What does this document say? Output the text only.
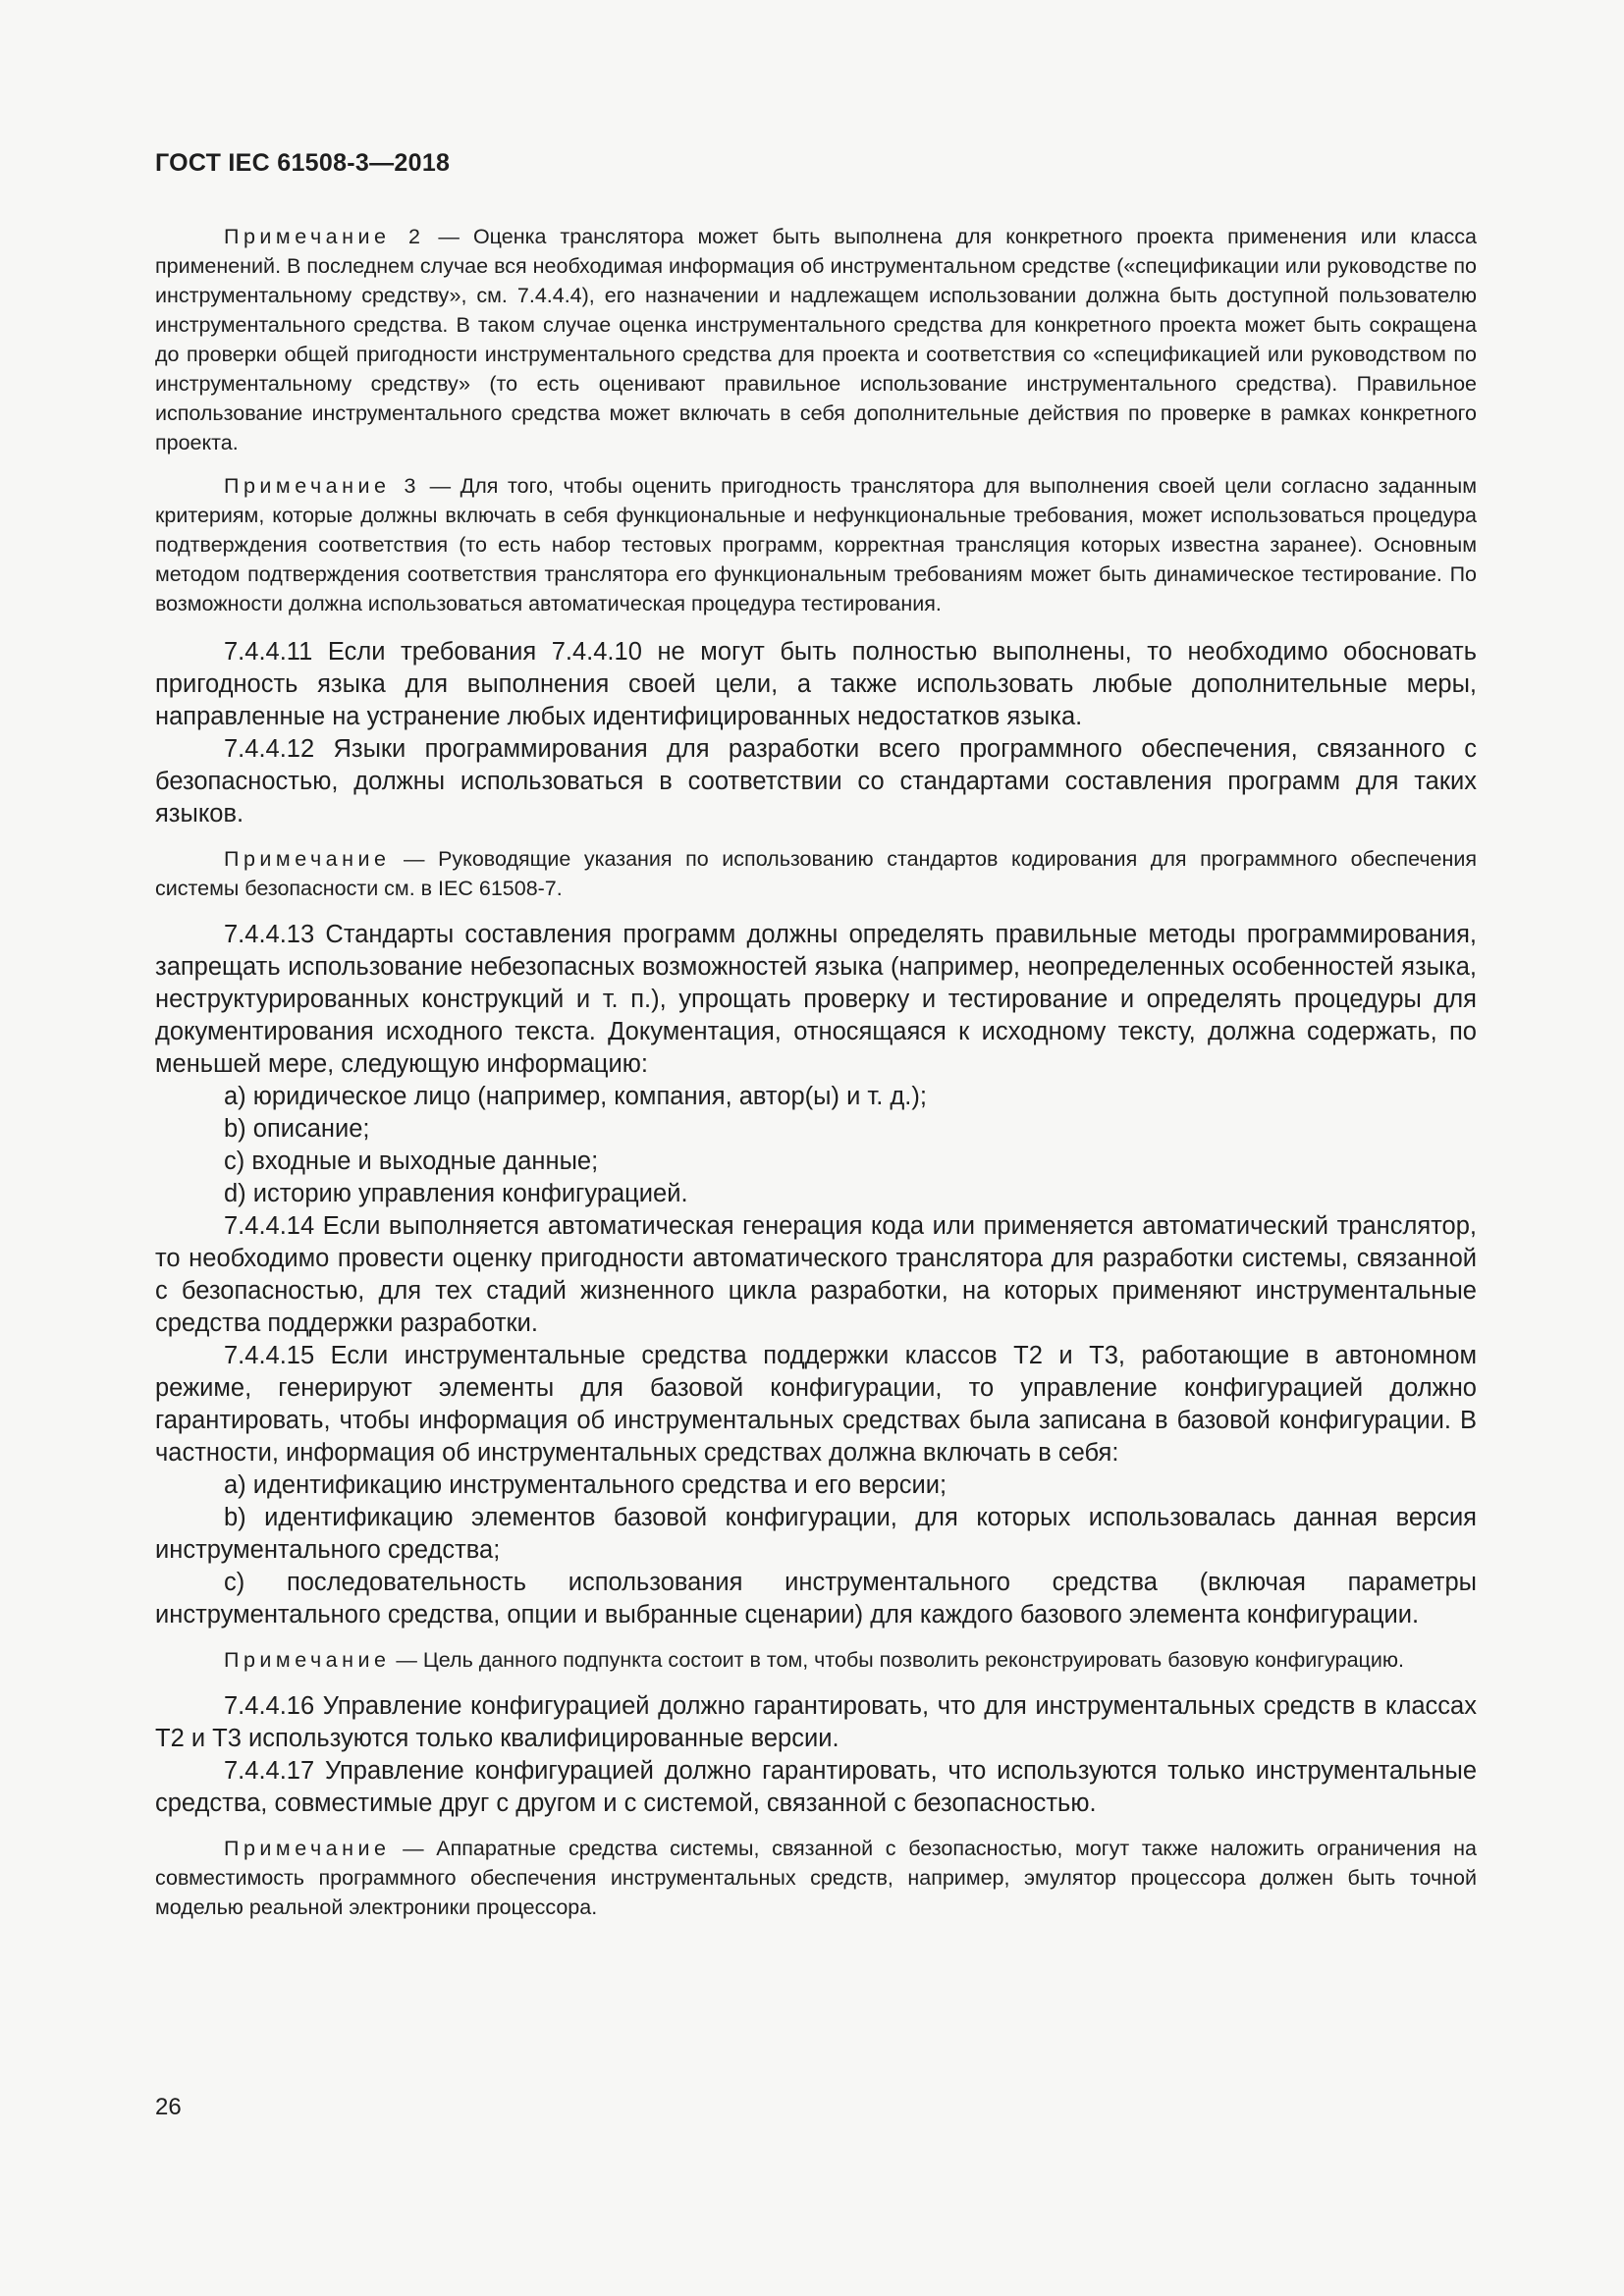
ГОСТ IEC 61508-3—2018

Примечание 2 — Оценка транслятора может быть выполнена для конкретного проекта применения или класса применений. В последнем случае вся необходимая информация об инструментальном средстве («спецификации или руководстве по инструментальному средству», см. 7.4.4.4), его назначении и надлежащем использовании должна быть доступной пользователю инструментального средства. В таком случае оценка инструментального средства для конкретного проекта может быть сокращена до проверки общей пригодности инструментального средства для проекта и соответствия со «спецификацией или руководством по инструментальному средству» (то есть оценивают правильное использование инструментального средства). Правильное использование инструментального средства может включать в себя дополнительные действия по проверке в рамках конкретного проекта.

Примечание 3 — Для того, чтобы оценить пригодность транслятора для выполнения своей цели согласно заданным критериям, которые должны включать в себя функциональные и нефункциональные требования, может использоваться процедура подтверждения соответствия (то есть набор тестовых программ, корректная трансляция которых известна заранее). Основным методом подтверждения соответствия транслятора его функциональным требованиям может быть динамическое тестирование. По возможности должна использоваться автоматическая процедура тестирования.

7.4.4.11 Если требования 7.4.4.10 не могут быть полностью выполнены, то необходимо обосновать пригодность языка для выполнения своей цели, а также использовать любые дополнительные меры, направленные на устранение любых идентифицированных недостатков языка.

7.4.4.12 Языки программирования для разработки всего программного обеспечения, связанного с безопасностью, должны использоваться в соответствии со стандартами составления программ для таких языков.

Примечание — Руководящие указания по использованию стандартов кодирования для программного обеспечения системы безопасности см. в IEC 61508-7.

7.4.4.13 Стандарты составления программ должны определять правильные методы программирования, запрещать использование небезопасных возможностей языка (например, неопределенных особенностей языка, неструктурированных конструкций и т. п.), упрощать проверку и тестирование и определять процедуры для документирования исходного текста. Документация, относящаяся к исходному тексту, должна содержать, по меньшей мере, следующую информацию:

a) юридическое лицо (например, компания, автор(ы) и т. д.);

b) описание;

c) входные и выходные данные;

d) историю управления конфигурацией.

7.4.4.14 Если выполняется автоматическая генерация кода или применяется автоматический транслятор, то необходимо провести оценку пригодности автоматического транслятора для разработки системы, связанной с безопасностью, для тех стадий жизненного цикла разработки, на которых применяют инструментальные средства поддержки разработки.

7.4.4.15 Если инструментальные средства поддержки классов Т2 и Т3, работающие в автономном режиме, генерируют элементы для базовой конфигурации, то управление конфигурацией должно гарантировать, чтобы информация об инструментальных средствах была записана в базовой конфигурации. В частности, информация об инструментальных средствах должна включать в себя:

a) идентификацию инструментального средства и его версии;

b) идентификацию элементов базовой конфигурации, для которых использовалась данная версия инструментального средства;

c) последовательность использования инструментального средства (включая параметры инструментального средства, опции и выбранные сценарии) для каждого базового элемента конфигурации.

Примечание — Цель данного подпункта состоит в том, чтобы позволить реконструировать базовую конфигурацию.

7.4.4.16 Управление конфигурацией должно гарантировать, что для инструментальных средств в классах Т2 и Т3 используются только квалифицированные версии.

7.4.4.17 Управление конфигурацией должно гарантировать, что используются только инструментальные средства, совместимые друг с другом и с системой, связанной с безопасностью.

Примечание — Аппаратные средства системы, связанной с безопасностью, могут также наложить ограничения на совместимость программного обеспечения инструментальных средств, например, эмулятор процессора должен быть точной моделью реальной электроники процессора.

26
